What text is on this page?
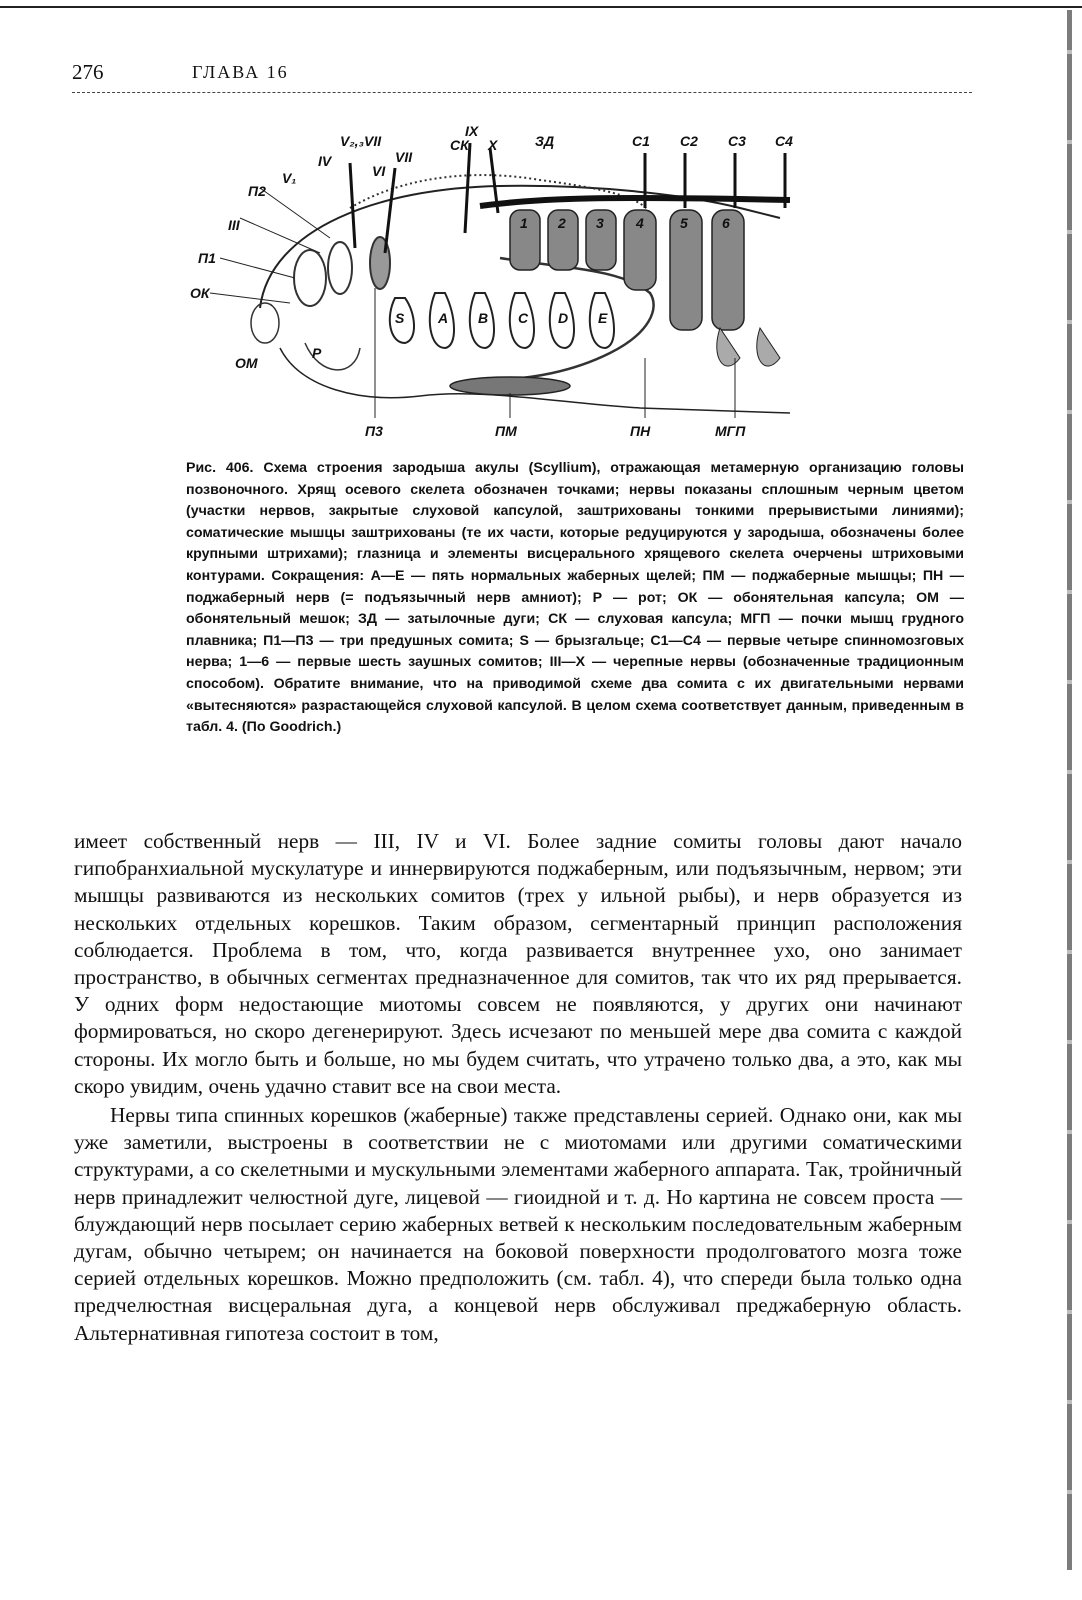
276	ГЛАВА 16
V₂,₃VII
IX
СК X	ЗД	С1 С2 С3 С4
IV
VI
VII
V₁
П2
III
П1
ОК
ОМ
P
П3	ПМ	ПН	МГП
S A B C D E
1 2 3 4	5 6
Рис. 406. Схема строения зародыша акулы (Scyllium), отражающая метамерную организацию головы позвоночного. Хрящ осевого скелета обозначен точками; нервы показаны сплошным черным цветом (участки нервов, закрытые слуховой капсулой, заштрихованы тонкими прерывистыми линиями); соматические мышцы заштрихованы (те их части, которые редуцируются у зародыша, обозначены более крупными штрихами); глазница и элементы висцерального хрящевого скелета очерчены штриховыми контурами. Сокращения: А—Е — пять нормальных жаберных щелей; ПМ — поджаберные мышцы; ПН — поджаберный нерв (= подъязычный нерв амниот); Р — рот; ОК — обонятельная капсула; ОМ — обонятельный мешок; ЗД — затылочные дуги; СК — слуховая капсула; МГП — почки мышц грудного плавника; П1—П3 — три предушных сомита; S — брызгальце; С1—С4 — первые четыре спинномозговых нерва; 1—6 — первые шесть заушных сомитов; III—X — черепные нервы (обозначенные традиционным способом). Обратите внимание, что на приводимой схеме два сомита с их двигательными нервами «вытесняются» разрастающейся слуховой капсулой. В целом схема соответствует данным, приведенным в табл. 4. (По Goodrich.)

имеет собственный нерв — III, IV и VI. Более задние сомиты головы дают начало гипобранхиальной мускулатуре и иннервируются поджаберным, или подъязычным, нервом; эти мышцы развиваются из нескольких сомитов (трех у ильной рыбы), и нерв образуется из нескольких отдельных корешков. Таким образом, сегментарный принцип расположения соблюдается. Проблема в том, что, когда развивается внутреннее ухо, оно занимает пространство, в обычных сегментах предназначенное для сомитов, так что их ряд прерывается. У одних форм недостающие миотомы совсем не появляются, у других они начинают формироваться, но скоро дегенерируют. Здесь исчезают по меньшей мере два сомита с каждой стороны. Их могло быть и больше, но мы будем считать, что утрачено только два, а это, как мы скоро увидим, очень удачно ставит все на свои места.

Нервы типа спинных корешков (жаберные) также представлены серией. Однако они, как мы уже заметили, выстроены в соответствии не с миотомами или другими соматическими структурами, а со скелетными и мускульными элементами жаберного аппарата. Так, тройничный нерв принадлежит челюстной дуге, лицевой — гиоидной и т. д. Но картина не совсем проста — блуждающий нерв посылает серию жаберных ветвей к нескольким последовательным жаберным дугам, обычно четырем; он начинается на боковой поверхности продолговатого мозга тоже серией отдельных корешков. Можно предположить (см. табл. 4), что спереди была только одна предчелюстная висцеральная дуга, а концевой нерв обслуживал преджаберную область. Альтернативная гипотеза состоит в том,
